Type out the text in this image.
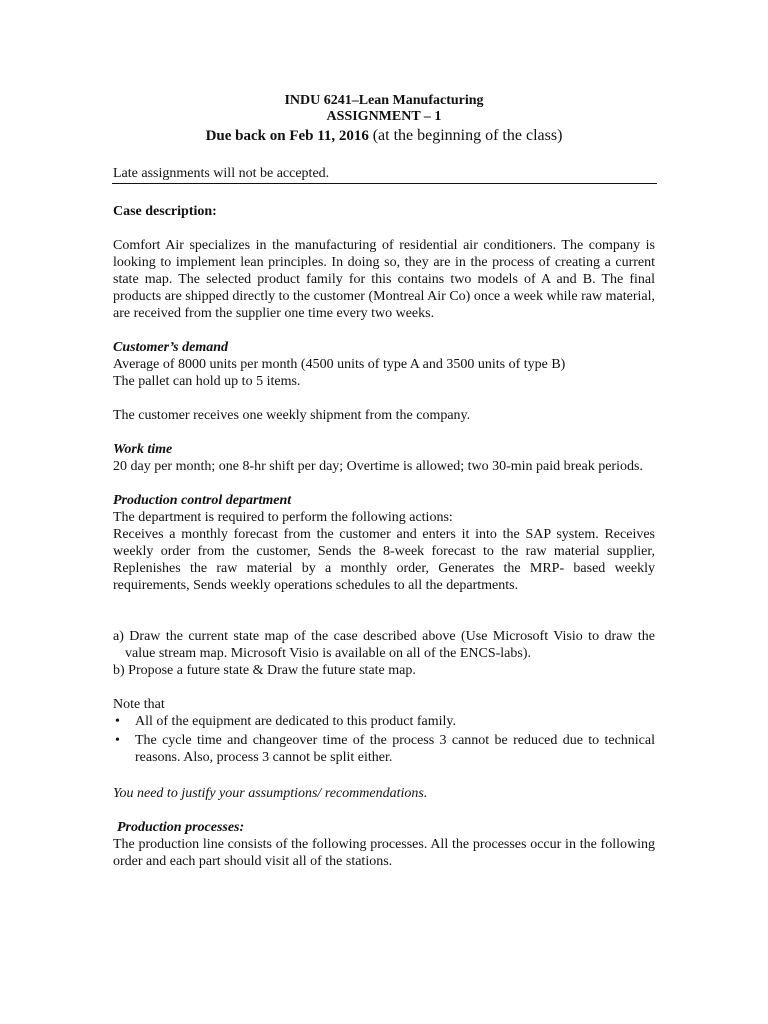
INDU 6241–Lean Manufacturing
ASSIGNMENT – 1
Due back on Feb 11, 2016 (at the beginning of the class)
Late assignments will not be accepted.

Case description:

Comfort Air specializes in the manufacturing of residential air conditioners. The company is looking to implement lean principles. In doing so, they are in the process of creating a current state map. The selected product family for this contains two models of A and B. The final products are shipped directly to the customer (Montreal Air Co) once a week while raw material, are received from the supplier one time every two weeks.

Customer’s demand

Average of 8000 units per month (4500 units of type A and 3500 units of type B)

The pallet can hold up to 5 items.

The customer receives one weekly shipment from the company.

Work time

20 day per month; one 8-hr shift per day; Overtime is allowed; two 30-min paid break periods.

Production control department

The department is required to perform the following actions:

Receives a monthly forecast from the customer and enters it into the SAP system. Receives weekly order from the customer, Sends the 8-week forecast to the raw material supplier, Replenishes the raw material by a monthly order, Generates the MRP- based weekly requirements, Sends weekly operations schedules to all the departments.

a) Draw the current state map of the case described above (Use Microsoft Visio to draw the value stream map. Microsoft Visio is available on all of the ENCS-labs).

b) Propose a future state & Draw the future state map.

Note that

• All of the equipment are dedicated to this product family.
• The cycle time and changeover time of the process 3 cannot be reduced due to technical reasons. Also, process 3 cannot be split either.

You need to justify your assumptions/ recommendations.

Production processes:

The production line consists of the following processes. All the processes occur in the following order and each part should visit all of the stations.
